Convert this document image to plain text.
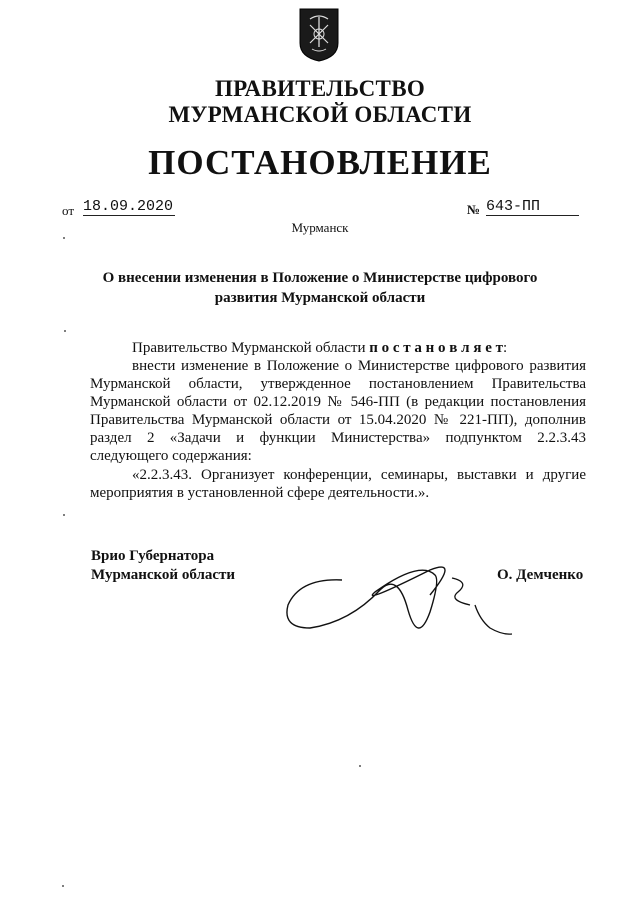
ПРАВИТЕЛЬСТВО
МУРМАНСКОЙ ОБЛАСТИ
ПОСТАНОВЛЕНИЕ
от 18.09.2020	№ 643-ПП
Мурманск
О внесении изменения в Положение о Министерстве цифрового
развития Мурманской области
Правительство Мурманской области п о с т а н о в л я е т:
внести изменение в Положение о Министерстве цифрового развития Мурманской области, утвержденное постановлением Правительства Мурманской области от 02.12.2019 № 546-ПП (в редакции постановления Правительства Мурманской области от 15.04.2020 № 221-ПП), дополнив раздел 2 «Задачи и функции Министерства» подпунктом 2.2.3.43 следующего содержания:
«2.2.3.43. Организует конференции, семинары, выставки и другие мероприятия в установленной сфере деятельности.».
Врио Губернатора
Мурманской области	О. Демченко
